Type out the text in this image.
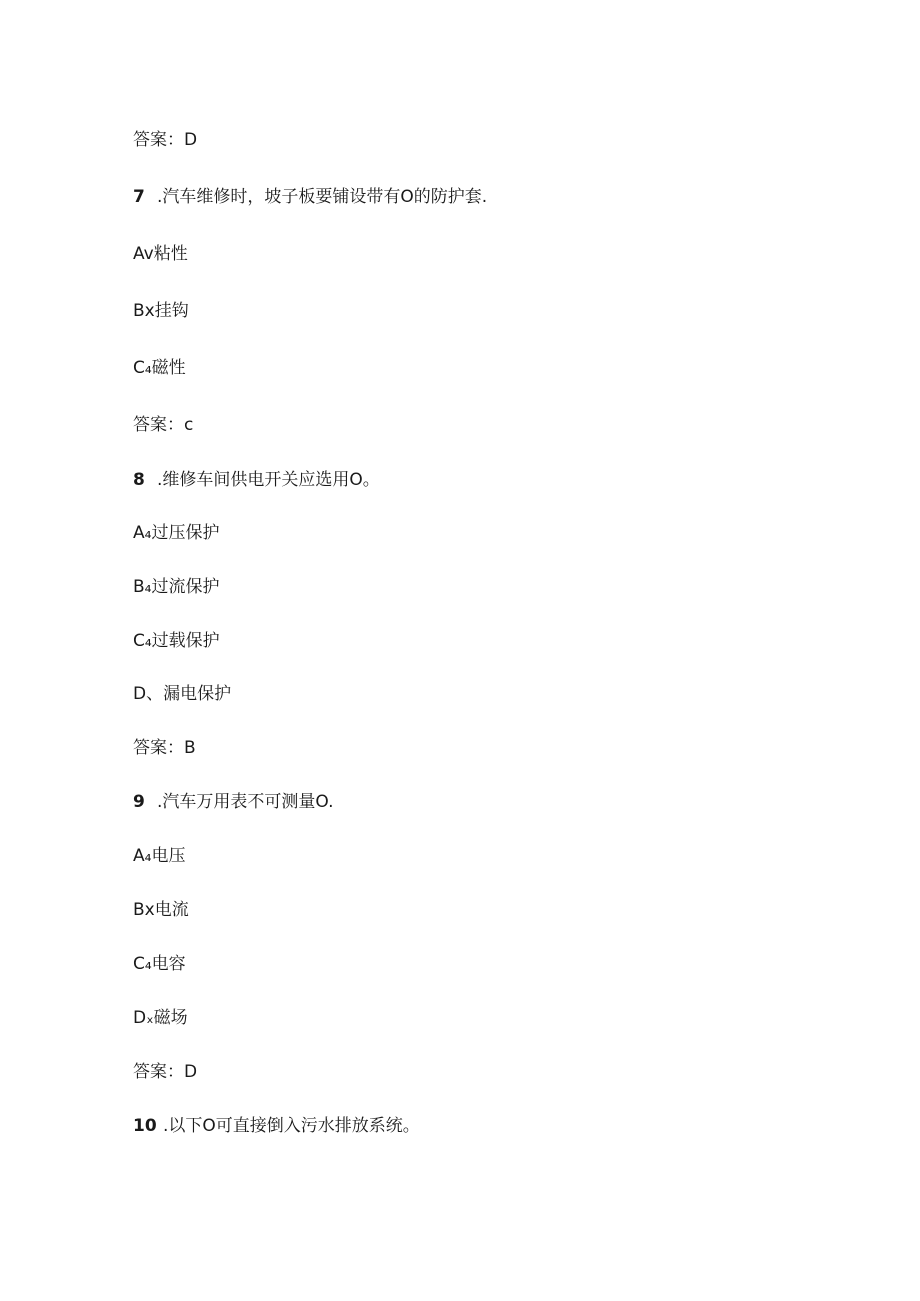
答案：D
7 .汽车维修时，坡子板要铺设带有O的防护套.
Av粘性
Bx挂钩
C₄磁性
答案：c
8 .维修车间供电开关应选用O。
A₄过压保护
B₄过流保护
C₄过载保护
D、漏电保护
答案：B
9 .汽车万用表不可测量O.
A₄电压
Bx电流
C₄电容
Dₓ磁场
答案：D
10 .以下O可直接倒入污水排放系统。
